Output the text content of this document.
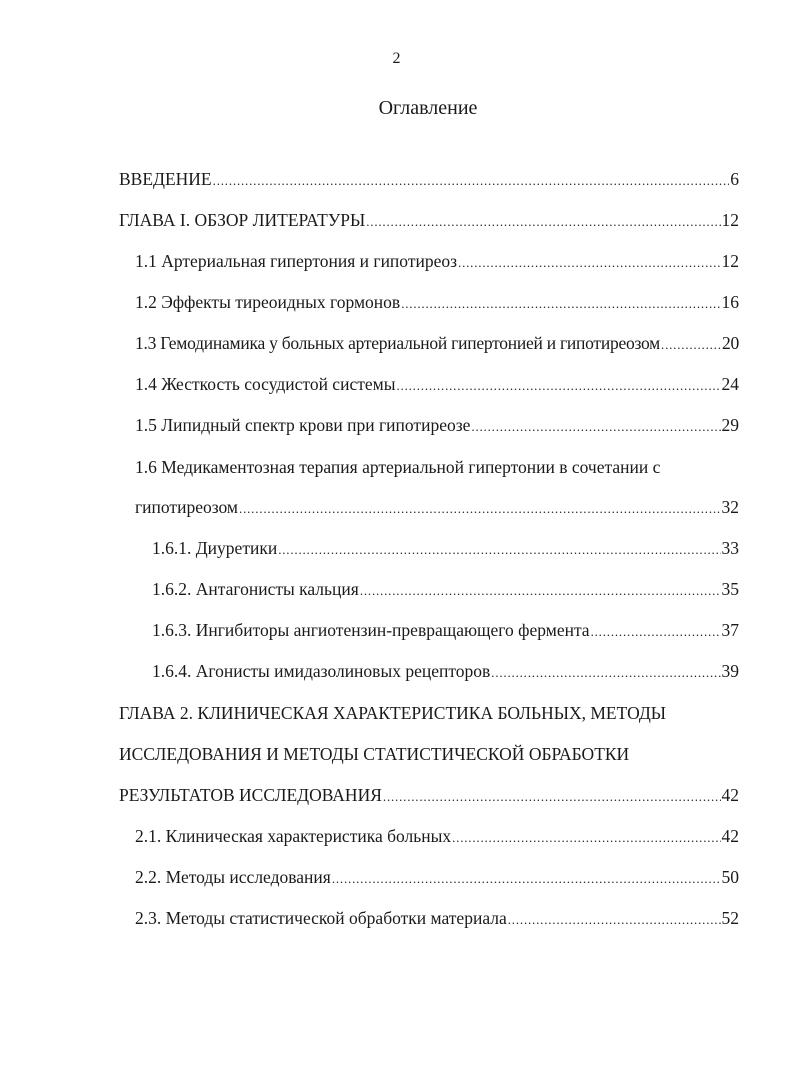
2
Оглавление
ВВЕДЕНИЕ .....	6
ГЛАВА I. ОБЗОР ЛИТЕРАТУРЫ .....	12
1.1 Артериальная гипертония и гипотиреоз .....	12
1.2 Эффекты тиреоидных гормонов .....	16
1.3 Гемодинамика у больных артериальной гипертонией и гипотиреозом .....	20
1.4 Жесткость сосудистой системы .....	24
1.5 Липидный спектр крови при гипотиреозе .....	29
1.6 Медикаментозная терапия артериальной гипертонии в сочетании с
гипотиреозом .....	32
1.6.1. Диуретики .....	33
1.6.2. Антагонисты кальция .....	35
1.6.3. Ингибиторы ангиотензин-превращающего фермента .....	37
1.6.4. Агонисты имидазолиновых рецепторов .....	39
ГЛАВА 2. КЛИНИЧЕСКАЯ ХАРАКТЕРИСТИКА БОЛЬНЫХ, МЕТОДЫ
ИССЛЕДОВАНИЯ И МЕТОДЫ СТАТИСТИЧЕСКОЙ ОБРАБОТКИ
РЕЗУЛЬТАТОВ ИССЛЕДОВАНИЯ .....	42
2.1. Клиническая характеристика больных .....	42
2.2. Методы исследования .....	50
2.3. Методы статистической обработки материала .....	52
